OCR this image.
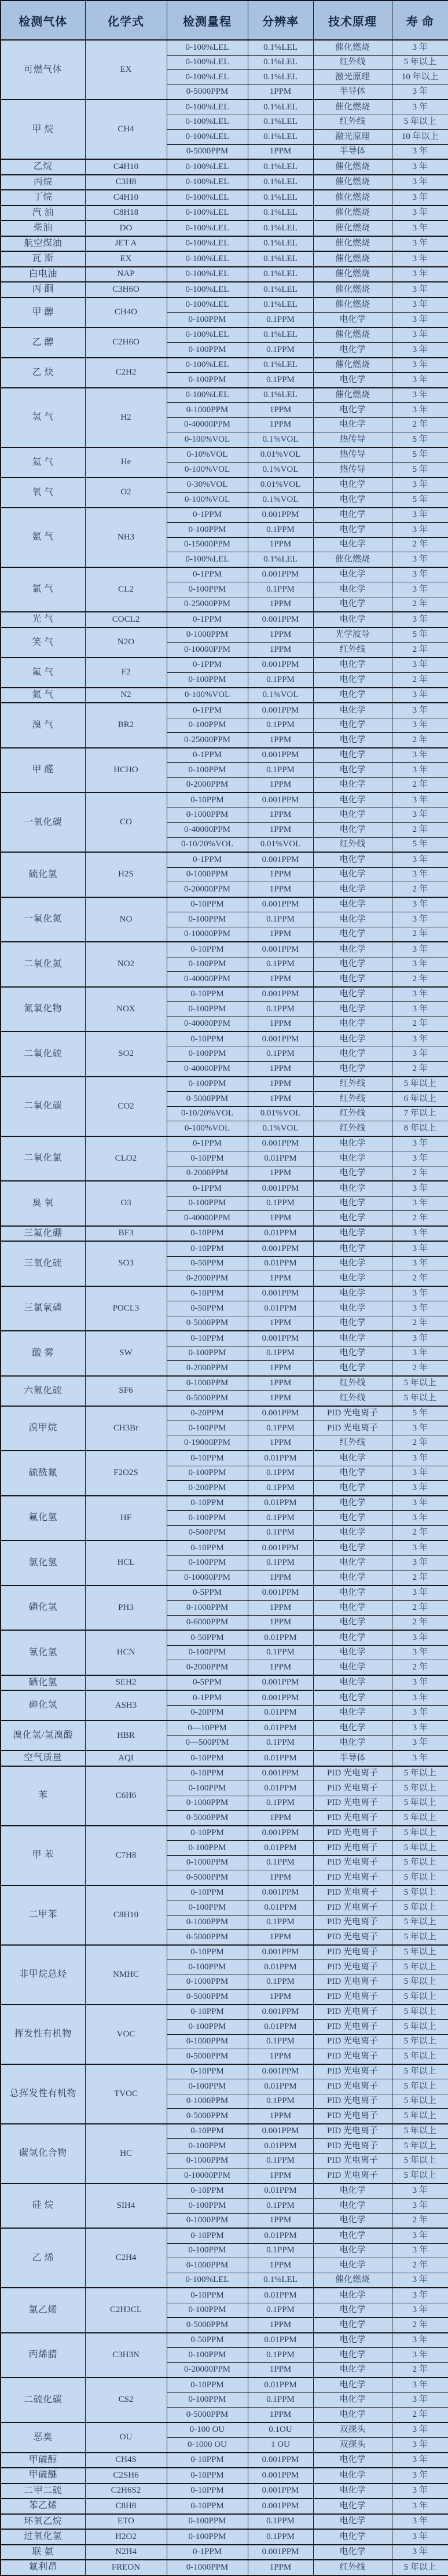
检测气体	化学式	检测量程	分辨率	技术原理	寿 命
可燃气体	EX	0-100%LEL	0.1%LEL	催化燃烧	3 年
		0-100%LEL	0.1%LEL	红外线	5 年以上
		0-100%LEL	0.1%LEL	激光原理	10 年以上
		0-5000PPM	1PPM	半导体	3 年
甲 烷	CH4	0-100%LEL	0.1%LEL	催化燃烧	3 年
		0-100%LEL	0.1%LEL	红外线	5 年以上
		0-100%LEL	0.1%LEL	激光原理	10 年以上
		0-5000PPM	1PPM	半导体	3 年
乙烷	C4H10	0-100%LEL	0.1%LEL	催化燃烧	3 年
丙烷	C3H8	0-100%LEL	0.1%LEL	催化燃烧	3 年
丁烷	C4H10	0-100%LEL	0.1%LEL	催化燃烧	3 年
汽 油	C8H18	0-100%LEL	0.1%LEL	催化燃烧	3 年
柴油	DO	0-100%LEL	0.1%LEL	催化燃烧	3 年
航空煤油	JET A	0-100%LEL	0.1%LEL	催化燃烧	3 年
瓦 斯	EX	0-100%LEL	0.1%LEL	催化燃烧	3 年
白电油	NAP	0-100%LEL	0.1%LEL	催化燃烧	3 年
丙 酮	C3H6O	0-100%LEL	0.1%LEL	催化燃烧	3 年
甲 醇	CH4O	0-100%LEL	0.1%LEL	催化燃烧	3 年
		0-100PPM	0.1PPM	电化学	3 年
乙 醇	C2H6O	0-100%LEL	0.1%LEL	催化燃烧	3 年
		0-100PPM	0.1PPM	电化学	3 年
乙 炔	C2H2	0-100%LEL	0.1%LEL	催化燃烧	3 年
		0-100PPM	0.1PPM	电化学	3 年
氢 气	H2	0-100%LEL	0.1%LEL	催化燃烧	3 年
		0-1000PPM	1PPM	电化学	3 年
		0-40000PPM	1PPM	电化学	2 年
		0-100%VOL	0.1%VOL	热传导	5 年
氦 气	He	0-10%VOL	0.01%VOL	热传导	5 年
		0-100%VOL	0.1%VOL	热传导	5 年
氧 气	O2	0-30%VOL	0.01%VOL	电化学	3 年
		0-100%VOL	0.1%VOL	电化学	5 年
氨 气	NH3	0-1PPM	0.001PPM	电化学	3 年
		0-100PPM	0.1PPM	电化学	3 年
		0-15000PPM	1PPM	电化学	2 年
		0-100%LEL	0.1%LEL	催化燃烧	3 年
氯 气	CL2	0-1PPM	0.001PPM	电化学	3 年
		0-100PPM	0.1PPM	电化学	3 年
		0-25000PPM	1PPM	电化学	2 年
光 气	COCL2	0-1PPM	0.001PPM	电化学	3 年
笑 气	N2O	0-1000PPM	1PPM	光学波导	5 年
		0-10000PPM	1PPM	红外线	2 年
氟 气	F2	0-1PPM	0.001PPM	电化学	3 年
		0-100PPM	0.1PPM	电化学	2 年
氮 气	N2	0-100%VOL	0.1%VOL	电化学	3 年
溴 气	BR2	0-1PPM	0.001PPM	电化学	3 年
		0-100PPM	0.1PPM	电化学	3 年
		0-25000PPM	1PPM	电化学	2 年
甲 醛	HCHO	0-1PPM	0.001PPM	电化学	3 年
		0-100PPM	0.1PPM	电化学	3 年
		0-2000PPM	1PPM	电化学	2 年
一氧化碳	CO	0-10PPM	0.001PPM	电化学	3 年
		0-1000PPM	1PPM	电化学	3 年
		0-40000PPM	1PPM	电化学	2 年
		0-10/20%VOL	0.01%VOL	红外线	5 年
硫化氢	H2S	0-1PPM	0.001PPM	电化学	3 年
		0-1000PPM	1PPM	电化学	3 年
		0-20000PPM	1PPM	电化学	2 年
一氧化氮	NO	0-10PPM	0.001PPM	电化学	3 年
		0-100PPM	0.1PPM	电化学	3 年
		0-10000PPM	1PPM	电化学	2 年
二氧化氮	NO2	0-10PPM	0.001PPM	电化学	3 年
		0-100PPM	0.1PPM	电化学	3 年
		0-40000PPM	1PPM	电化学	2 年
氮氧化物	NOX	0-10PPM	0.001PPM	电化学	3 年
		0-100PPM	0.1PPM	电化学	3 年
		0-40000PPM	1PPM	电化学	2 年
二氧化硫	SO2	0-10PPM	0.001PPM	电化学	3 年
		0-100PPM	0.1PPM	电化学	3 年
		0-40000PPM	1PPM	电化学	2 年
二氧化碳	CO2	0-100PPM	1PPM	红外线	5 年以上
		0-5000PPM	1PPM	红外线	6 年以上
		0-10/20%VOL	0.01%VOL	红外线	7 年以上
		0-100%VOL	0.1%VOL	红外线	8 年以上
二氧化氯	CLO2	0-1PPM	0.001PPM	电化学	3 年
		0-10PPM	0.01PPM	电化学	3 年
		0-2000PPM	1PPM	电化学	2 年
臭 氧	O3	0-1PPM	0.001PPM	电化学	3 年
		0-100PPM	0.1PPM	电化学	3 年
		0-40000PPM	1PPM	电化学	2 年
三氟化硼	BF3	0-10PPM	0.01PPM	电化学	3 年
三氧化硫	SO3	0-10PPM	0.001PPM	电化学	3 年
		0-50PPM	0.01PPM	电化学	3 年
		0-2000PPM	1PPM	电化学	2 年
三氯氧磷	POCL3	0-10PPM	0.001PPM	电化学	3 年
		0-50PPM	0.01PPM	电化学	3 年
		0-5000PPM	1PPM	电化学	2 年
酸 雾	SW	0-10PPM	0.001PPM	电化学	3 年
		0-100PPM	0.1PPM	电化学	3 年
		0-2000PPM	1PPM	电化学	2 年
六氟化硫	SF6	0-1000PPM	1PPM	红外线	5 年以上
		0-5000PPM	1PPM	红外线	5 年以上
溴甲烷	CH3Br	0-20PPM	0.001PPM	PID 光电离子	5 年
		0-100PPM	0.1PPM	PID 光电离子	3 年
		0-19000PPM	1PPM	红外线	2 年
硫酰氟	F2O2S	0-10PPM	0.01PPM	电化学	3 年
		0-100PPM	0.1PPM	电化学	3 年
		0-200PPM	0.1PPM	电化学	3 年
氟化氢	HF	0-10PPM	0.01PPM	电化学	3 年
		0-100PPM	0.1PPM	电化学	3 年
		0-500PPM	0.1PPM	电化学	2 年
氯化氢	HCL	0-10PPM	0.001PPM	电化学	3 年
		0-100PPM	0.1PPM	电化学	3 年
		0-10000PPM	1PPM	电化学	2 年
磷化氢	PH3	0-5PPM	0.001PPM	电化学	3 年
		0-1000PPM	1PPM	电化学	2 年
		0-6000PPM	1PPM	电化学	2 年
氰化氢	HCN	0-50PPM	0.01PPM	电化学	3 年
		0-100PPM	0.1PPM	电化学	3 年
		0-2000PPM	1PPM	电化学	2 年
硒化氢	SEH2	0-5PPM	0.001PPM	电化学	3 年
砷化氢	ASH3	0-1PPM	0.001PPM	电化学	3 年
		0-20PPM	0.01PPM	电化学	3 年
溴化氢/氢溴酸	HBR	0—10PPM	0.01PPM	电化学	3 年
		0—500PPM	0.1PPM	电化学	3 年
空气质量	AQI	0-10PPM	0.01PPM	半导体	3 年
苯	C6H6	0-10PPM	0.001PPM	PID 光电离子	5 年以上
		0-100PPM	0.01PPM	PID 光电离子	5 年以上
		0-1000PPM	0.1PPM	PID 光电离子	5 年以上
		0-5000PPM	1PPM	PID 光电离子	5 年以上
甲 苯	C7H8	0-10PPM	0.001PPM	PID 光电离子	5 年以上
		0-100PPM	0.01PPM	PID 光电离子	5 年以上
		0-1000PPM	0.1PPM	PID 光电离子	5 年以上
		0-5000PPM	1PPM	PID 光电离子	5 年以上
二甲苯	C8H10	0-10PPM	0.001PPM	PID 光电离子	5 年以上
		0-100PPM	0.01PPM	PID 光电离子	5 年以上
		0-1000PPM	0.1PPM	PID 光电离子	5 年以上
		0-5000PPM	1PPM	PID 光电离子	5 年以上
非甲烷总烃	NMHC	0-10PPM	0.001PPM	PID 光电离子	5 年以上
		0-100PPM	0.01PPM	PID 光电离子	5 年以上
		0-1000PPM	0.1PPM	PID 光电离子	5 年以上
		0-5000PPM	1PPM	PID 光电离子	5 年以上
挥发性有机物	VOC	0-10PPM	0.001PPM	PID 光电离子	5 年以上
		0-100PPM	0.01PPM	PID 光电离子	5 年以上
		0-1000PPM	0.1PPM	PID 光电离子	5 年以上
		0-5000PPM	1PPM	PID 光电离子	5 年以上
总挥发性有机物	TVOC	0-10PPM	0.001PPM	PID 光电离子	5 年以上
		0-100PPM	0.01PPM	PID 光电离子	5 年以上
		0-1000PPM	0.1PPM	PID 光电离子	5 年以上
		0-5000PPM	1PPM	PID 光电离子	5 年以上
碳氢化合物	HC	0-10PPM	0.001PPM	PID 光电离子	5 年以上
		0-100PPM	0.01PPM	PID 光电离子	5 年以上
		0-1000PPM	0.1PPM	PID 光电离子	5 年以上
		0-10000PPM	1PPM	PID 光电离子	5 年以上
硅 烷	SIH4	0-10PPM	0.01PPM	电化学	3 年
		0-100PPM	0.1PPM	电化学	3 年
		0-1000PPM	1PPM	电化学	2 年
乙 烯	C2H4	0-10PPM	0.01PPM	电化学	3 年
		0-100PPM	0.1PPM	电化学	3 年
		0-1000PPM	1PPM	电化学	2 年
		0-100%LEL	0.1%LEL	催化燃烧	3 年
氯乙烯	C2H3CL	0-10PPM	0.01PPM	电化学	3 年
		0-100PPM	0.1PPM	电化学	3 年
		0-5000PPM	1PPM	电化学	2 年
丙烯腈	C3H3N	0-50PPM	0.01PPM	电化学	3 年
		0-100PPM	0.1PPM	电化学	3 年
		0-20000PPM	1PPM	电化学	2 年
二硫化碳	CS2	0-10PPM	0.01PPM	电化学	3 年
		0-100PPM	0.1PPM	电化学	3 年
		0-5000PPM	1PPM	电化学	2 年
恶臭	OU	0-100 OU	0.1OU	双探头	3 年
		0-1000 OU	1 OU	双探头	3 年
甲硫醇	CH4S	0-10PPM	0.001PPM	电化学	3 年
甲硫醚	C2SH6	0-10PPM	0.001PPM	电化学	3 年
二甲二硫	C2H6S2	0-10PPM	0.001PPM	电化学	3 年
苯乙烯	C8H8	0-10PPM	0.001PPM	电化学	3 年
环氧乙烷	ETO	0-100PPM	0.1PPM	电化学	3 年
过氧化氢	H2O2	0-100PPM	0.1PPM	电化学	3 年
联 氨	N2H4	0-1PPM	0.001PPM	电化学	3 年
氟利昂	FREON	0-1000PPM	1PPM	红外线	5 年以上
